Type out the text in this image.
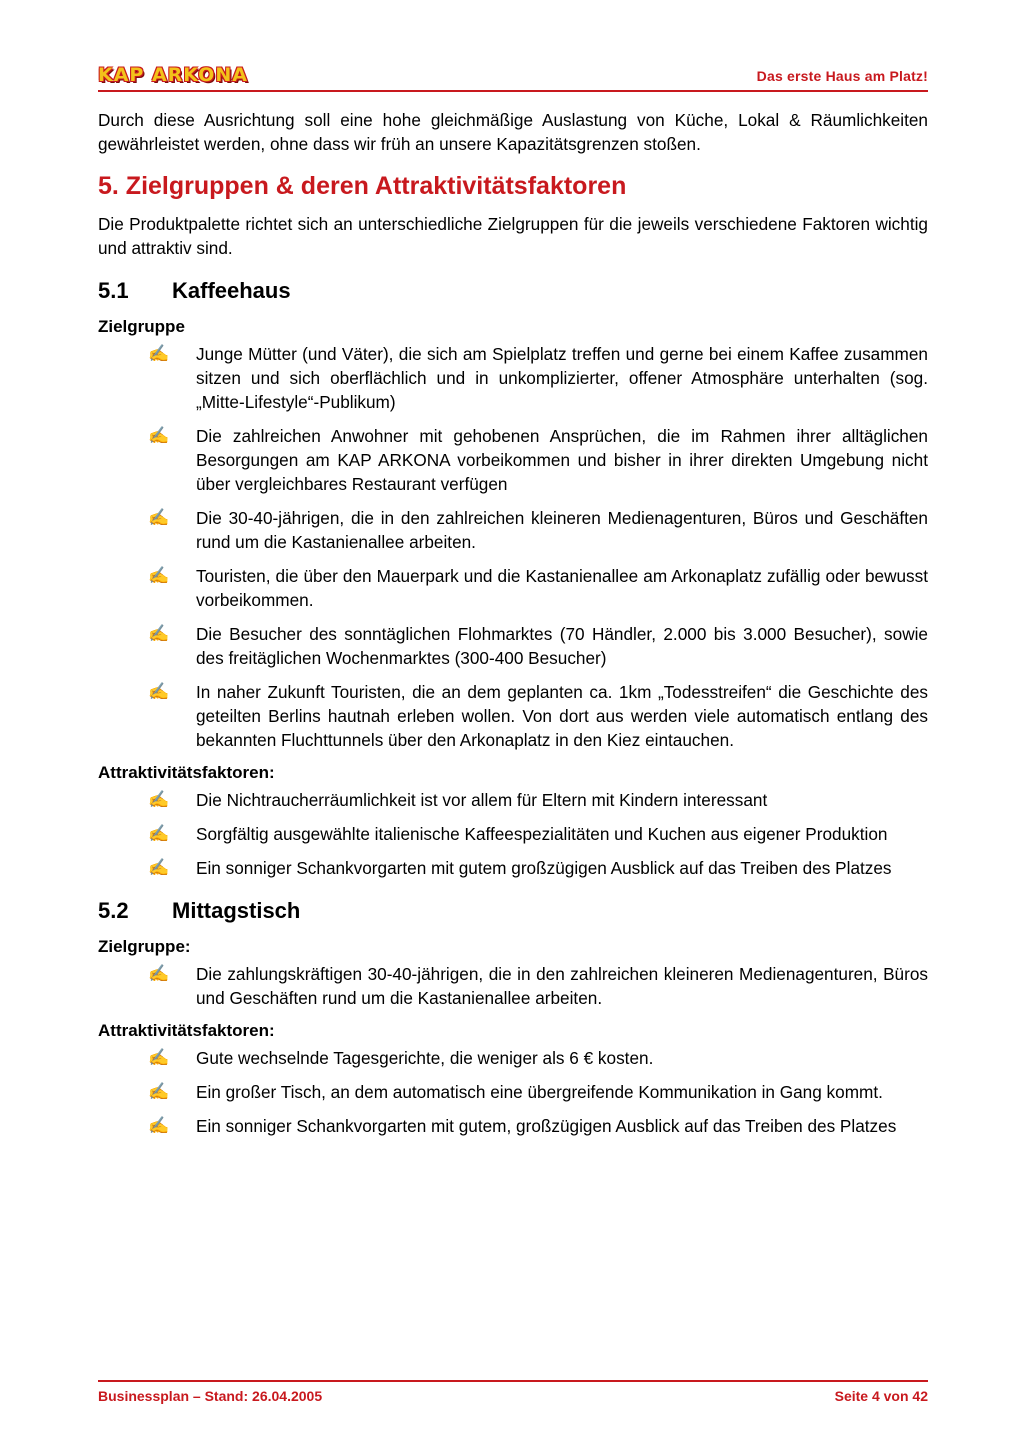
KAP ARKONA	Das erste Haus am Platz!

Durch diese Ausrichtung soll eine hohe gleichmäßige Auslastung von Küche, Lokal & Räumlichkeiten gewährleistet werden, ohne dass wir früh an unsere Kapazitätsgrenzen stoßen.

5. Zielgruppen & deren Attraktivitätsfaktoren

Die Produktpalette richtet sich an unterschiedliche Zielgruppen für die jeweils verschiedene Faktoren wichtig und attraktiv sind.

5.1 Kaffeehaus
Zielgruppe
✍ Junge Mütter (und Väter), die sich am Spielplatz treffen und gerne bei einem Kaffee zusammen sitzen und sich oberflächlich und in unkomplizierter, offener Atmosphäre unterhalten (sog. „Mitte-Lifestyle“-Publikum)
✍ Die zahlreichen Anwohner mit gehobenen Ansprüchen, die im Rahmen ihrer alltäglichen Besorgungen am KAP ARKONA vorbeikommen und bisher in ihrer direkten Umgebung nicht über vergleichbares Restaurant verfügen
✍ Die 30-40-jährigen, die in den zahlreichen kleineren Medienagenturen, Büros und Geschäften rund um die Kastanienallee arbeiten.
✍ Touristen, die über den Mauerpark und die Kastanienallee am Arkonaplatz zufällig oder bewusst vorbeikommen.
✍ Die Besucher des sonntäglichen Flohmarktes (70 Händler, 2.000 bis 3.000 Besucher), sowie des freitäglichen Wochenmarktes (300-400 Besucher)
✍ In naher Zukunft Touristen, die an dem geplanten ca. 1km „Todesstreifen“ die Geschichte des geteilten Berlins hautnah erleben wollen. Von dort aus werden viele automatisch entlang des bekannten Fluchttunnels über den Arkonaplatz in den Kiez eintauchen.
Attraktivitätsfaktoren:
✍ Die Nichtraucherräumlichkeit ist vor allem für Eltern mit Kindern interessant
✍ Sorgfältig ausgewählte italienische Kaffeespezialitäten und Kuchen aus eigener Produktion
✍ Ein sonniger Schankvorgarten mit gutem großzügigen Ausblick auf das Treiben des Platzes
5.2 Mittagstisch
Zielgruppe:
✍ Die zahlungskräftigen 30-40-jährigen, die in den zahlreichen kleineren Medienagenturen, Büros und Geschäften rund um die Kastanienallee arbeiten.
Attraktivitätsfaktoren:
✍ Gute wechselnde Tagesgerichte, die weniger als 6 € kosten.
✍ Ein großer Tisch, an dem automatisch eine übergreifende Kommunikation in Gang kommt.
✍ Ein sonniger Schankvorgarten mit gutem, großzügigen Ausblick auf das Treiben des Platzes
Businessplan – Stand: 26.04.2005	Seite 4 von 42
